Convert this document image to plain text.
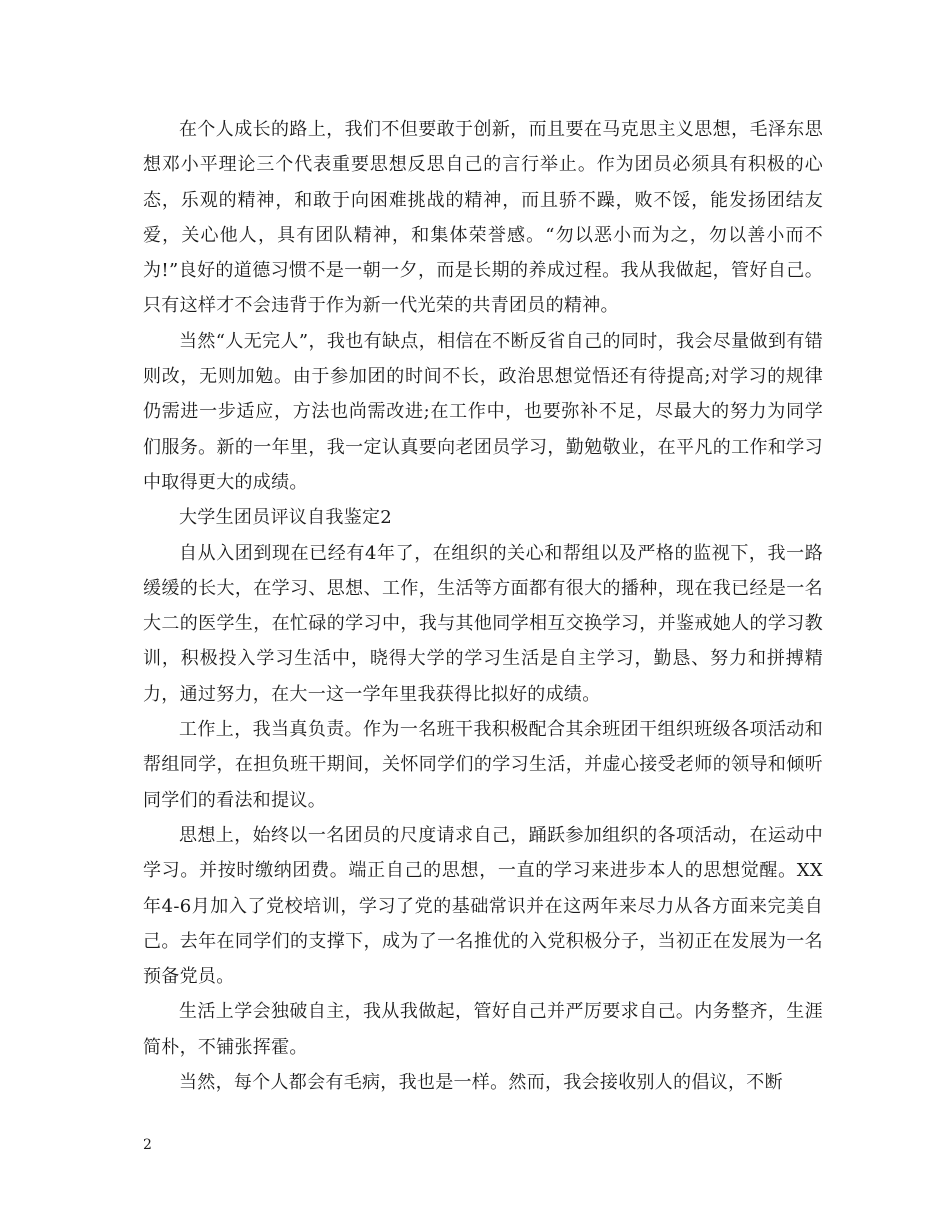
在个人成长的路上，我们不但要敢于创新，而且要在马克思主义思想，毛泽东思想邓小平理论三个代表重要思想反思自己的言行举止。作为团员必须具有积极的心态，乐观的精神，和敢于向困难挑战的精神，而且骄不躁，败不馁，能发扬团结友爱，关心他人，具有团队精神，和集体荣誉感。“勿以恶小而为之，勿以善小而不为!”良好的道德习惯不是一朝一夕，而是长期的养成过程。我从我做起，管好自己。只有这样才不会违背于作为新一代光荣的共青团员的精神。

当然“人无完人”，我也有缺点，相信在不断反省自己的同时，我会尽量做到有错则改，无则加勉。由于参加团的时间不长，政治思想觉悟还有待提高;对学习的规律仍需进一步适应，方法也尚需改进;在工作中，也要弥补不足，尽最大的努力为同学们服务。新的一年里，我一定认真要向老团员学习，勤勉敬业，在平凡的工作和学习中取得更大的成绩。

大学生团员评议自我鉴定2

自从入团到现在已经有4年了，在组织的关心和帮组以及严格的监视下，我一路缓缓的长大，在学习、思想、工作，生活等方面都有很大的播种，现在我已经是一名大二的医学生，在忙碌的学习中，我与其他同学相互交换学习，并鉴戒她人的学习教训，积极投入学习生活中，晓得大学的学习生活是自主学习，勤恳、努力和拼搏精力，通过努力，在大一这一学年里我获得比拟好的成绩。

工作上，我当真负责。作为一名班干我积极配合其余班团干组织班级各项活动和帮组同学，在担负班干期间，关怀同学们的学习生活，并虚心接受老师的领导和倾听同学们的看法和提议。

思想上，始终以一名团员的尺度请求自己，踊跃参加组织的各项活动，在运动中学习。并按时缴纳团费。端正自己的思想，一直的学习来进步本人的思想觉醒。XX年4-6月加入了党校培训，学习了党的基础常识并在这两年来尽力从各方面来完美自己。去年在同学们的支撑下，成为了一名推优的入党积极分子，当初正在发展为一名预备党员。

生活上学会独破自主，我从我做起，管好自己并严厉要求自己。内务整齐，生涯简朴，不铺张挥霍。

当然，每个人都会有毛病，我也是一样。然而，我会接收别人的倡议，不断

2
